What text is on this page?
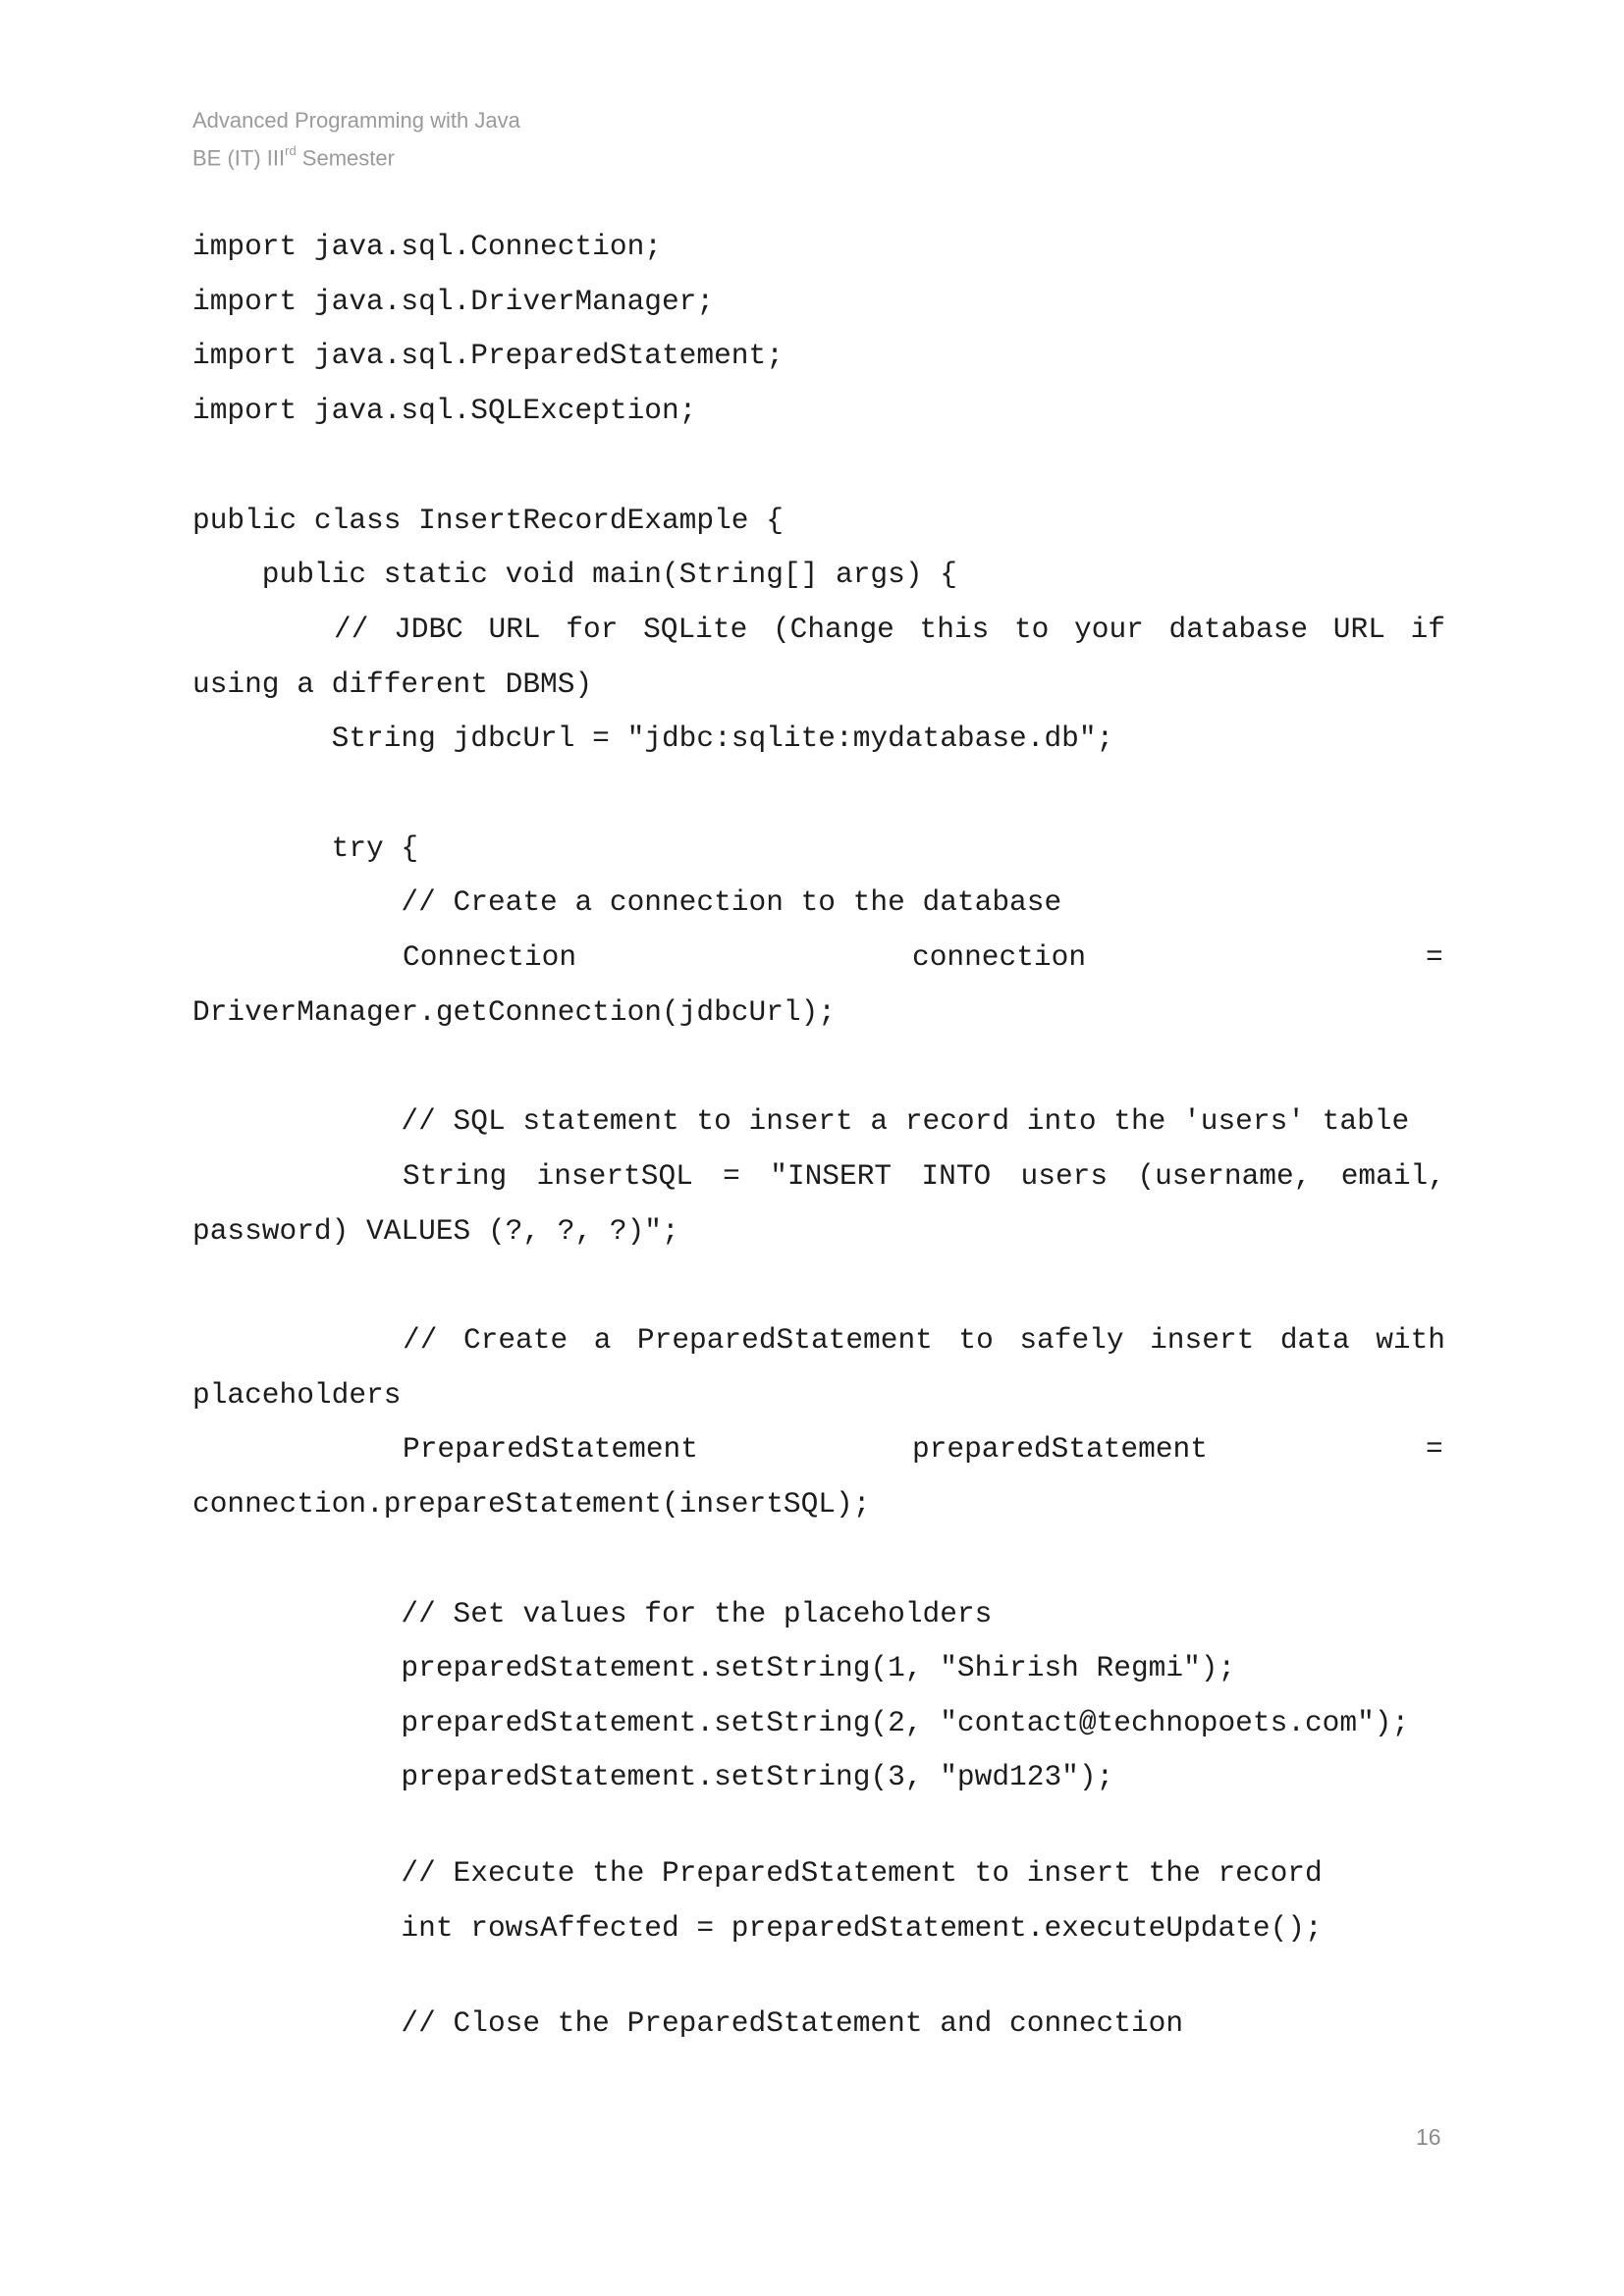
Advanced Programming with Java
BE (IT) IIIrd Semester
import java.sql.Connection;
import java.sql.DriverManager;
import java.sql.PreparedStatement;
import java.sql.SQLException;
public class InsertRecordExample {
public static void main(String[] args) {
// JDBC URL for SQLite (Change this to your database URL if
using a different DBMS)
String jdbcUrl = "jdbc:sqlite:mydatabase.db";
try {
// Create a connection to the database
Connection	connection	=
DriverManager.getConnection(jdbcUrl);
// SQL statement to insert a record into the 'users' table
String insertSQL = "INSERT INTO users (username, email,
password) VALUES (?, ?, ?)";
// Create a PreparedStatement to safely insert data with
placeholders
PreparedStatement	preparedStatement	=
connection.prepareStatement(insertSQL);
// Set values for the placeholders
preparedStatement.setString(1, "Shirish Regmi");
preparedStatement.setString(2, "contact@technopoets.com");
preparedStatement.setString(3, "pwd123");
// Execute the PreparedStatement to insert the record
int rowsAffected = preparedStatement.executeUpdate();
// Close the PreparedStatement and connection
16
